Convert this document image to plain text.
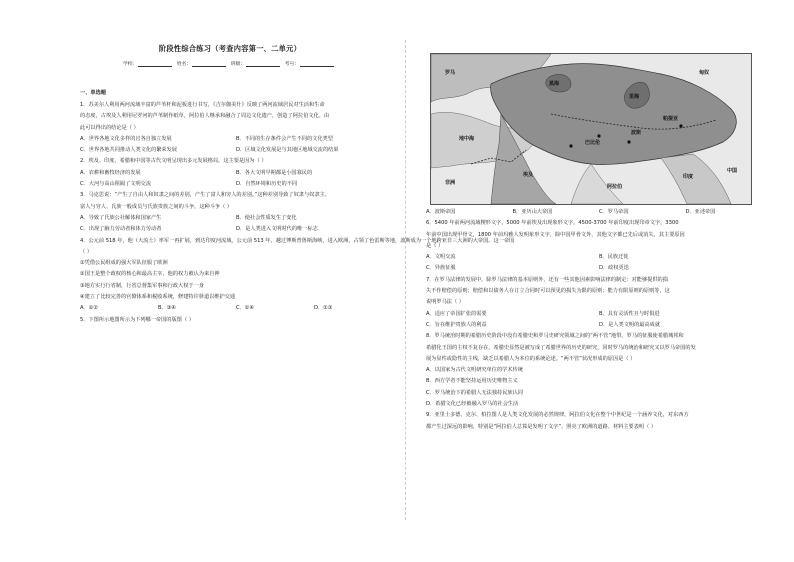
阶段性综合练习（考查内容第一、二单元）
学校：	姓名：	班级：	考号：
一、单选题
1．苏美尔人利用两河流域丰富的芦苇杆和泥板进行书写，《吉尔伽美什》反映了两河流域居民对生活和生命
的态度，古埃及人利用尼罗河的芦苇制作纸草，阿拉伯人继承和融合了周边文化遗产，创造了阿拉伯文化。由
此可以得出的结论是（ ）
A．世界各地文化多样的且各自独立发展	B．不同的生存条件会产生不同的文化类型
C．世界各地共同推动人类文化的繁荣发展	D．区域文化发展是与其地区地域交流的结果
2．埃及、印度、希腊和中国等古代文明呈现出多元发展格局，这主要是因为（ ）
A．农耕和畜牧经济的发展	B．各大文明早期都是小国寡民的
C．大河与高山阻隔了文明交流	D．自然环境和历史的不同
3．马克思说：“产生了自由人和奴隶之间的差别，产生了富人和穷人的差别。”这种差别导致了奴隶与奴隶主、
富人与穷人、氏族一般成员与氏族贵族之间的斗争，这种斗争（ ）
A．导致了氏族公社解体和国家产生	B．使社会性质发生了变化
C．出现了脑力劳动者和体力劳动者	D．是人类进入文明时代的唯一标志
4．公元前 518 年，他（大流士）率军一再扩展，到达印度河流域，公元前 513 年，越过博斯普鲁斯海峡，进入欧洲，占领了色雷斯等地，波斯成为一个地跨亚非三大洲的大帝国。这一帝国
（ ）
①凭借公民组成的强大军队征服了欧洲
②国王是整个政权的核心和最高主宰，他的权力被认为来自神
③地方实行行省制，行省总督集军事和行政大权于一身
④建立了比较完善的官僚体系和税收系统，修建特许驿道以维护交通
A．①②	B．③④	C．①④	D．②③
5．下图所示地图所示为下列哪一帝国的版图（ ）
罗马
帕提亚
匈奴
中国
阿拉伯
非洲
地中海
里海
黑海
印度
巴比伦
波斯
埃及
A．波斯帝国	B．亚历山大帝国	C．罗马帝国	D．亚述帝国
6．5400 年前两河流域楔形文字，5000 年前埃及出现象形文字，4500-3700 年前印度出现印章文字，3300
年前中国出现甲骨文，1800 年前玛雅人发明象形文字，除中国甲骨文外，其他文字都已先后或消失，其主要原因
是（ ）
A．文明交流	B．民族迁徙
C．异族征服	D．政权更迭
7．在罗马法律的发展中，除罗马法律的基本原则外，还有一些其他因素影响法律的制定：对能够提供的损
失不作赔偿的原则；赔偿和以债务人在订立合同时可以预见的损失为限的原则；能力有限原则的原则等，这
说明罗马法（ ）
A．适应了帝国扩张的需要	B．具有灵活性且与时俱进
C．旨在维护贵族人的利益	D．是人类文明的最高成就
8．罗马统治时期的希腊历史阶段中没有希腊史和罗马史研究领域之间的“两不管”地带。罗马的征服使希腊城邦和
希腊化王国的主权不复存在，希腊史显然是被写成了希腊世界的历史的研究，同时罗马的统治和研究又以罗马帝国的发
展为显性或隐性的主线，缺乏以希腊人为本位的系统论述。“两不管”状况形成的原因是（ ）
A．以国家为古代文明研究单位的学术传统
B．西方学者不能坚持运用历史唯物主义
C．罗马统治下的希腊人无法独持民族认同
D．希腊文化已经被融入罗马的社会生活
9．亚里士多德、克尔、柏拉图人是人类文化发展的必然规律，阿拉伯文化在整个中世纪是一个涵养文化，对东西方
都产生过深远的影响，特别是“阿拉伯人总算是发明了文字”，照亮了欧洲的道路。材料主要表明（ ）
